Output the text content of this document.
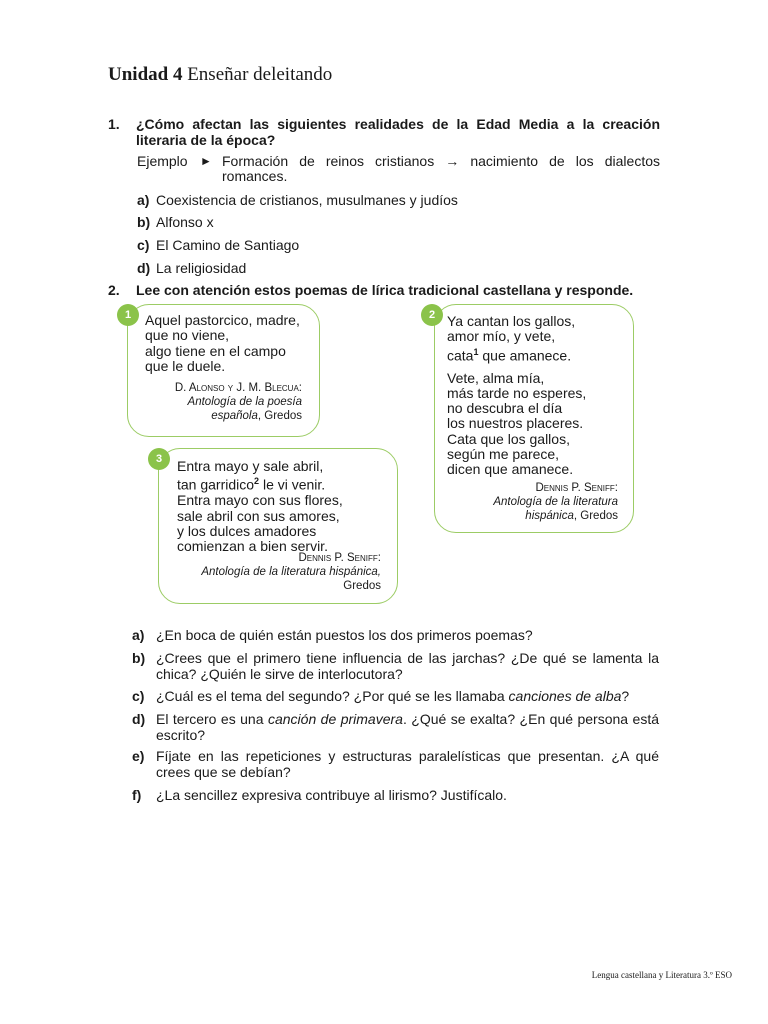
Unidad 4 Enseñar deleitando
1. ¿Cómo afectan las siguientes realidades de la Edad Media a la creación literaria de la época?
Ejemplo ► Formación de reinos cristianos → nacimiento de los dialectos romances.
a) Coexistencia de cristianos, musulmanes y judíos
b) Alfonso x
c) El Camino de Santiago
d) La religiosidad
2. Lee con atención estos poemas de lírica tradicional castellana y responde.
1 Aquel pastorcico, madre,
que no viene,
algo tiene en el campo
que le duele.
D. Alonso y J. M. Blecua:
Antología de la poesía
española, Gredos
2 Ya cantan los gallos,
amor mío, y vete,
cata$^1$ que amanece.
Vete, alma mía,
más tarde no esperes,
no descubra el día
los nuestros placeres.
Cata que los gallos,
según me parece,
dicen que amanece.
Dennis P. Seniff:
Antología de la literatura
hispánica, Gredos
3	Entra mayo y sale abril,
tan garridico$^2$ le vi venir.
Entra mayo con sus flores,
sale abril con sus amores,
y los dulces amadores
comienzan a bien servir.
Dennis P. Seniff:
Antología de la literatura hispánica,
Gredos
a) ¿En boca de quién están puestos los dos primeros poemas?
b) ¿Crees que el primero tiene influencia de las jarchas? ¿De qué se lamenta la chica? ¿Quién le sirve de interlocutora?
c) ¿Cuál es el tema del segundo? ¿Por qué se les llamaba canciones de alba?
d) El tercero es una canción de primavera. ¿Qué se exalta? ¿En qué persona está escrito?
e) Fíjate en las repeticiones y estructuras paralelísticas que presentan. ¿A qué crees que se debían?
f) ¿La sencillez expresiva contribuye al lirismo? Justifícalo.
Lengua castellana y Literatura 3.º ESO
